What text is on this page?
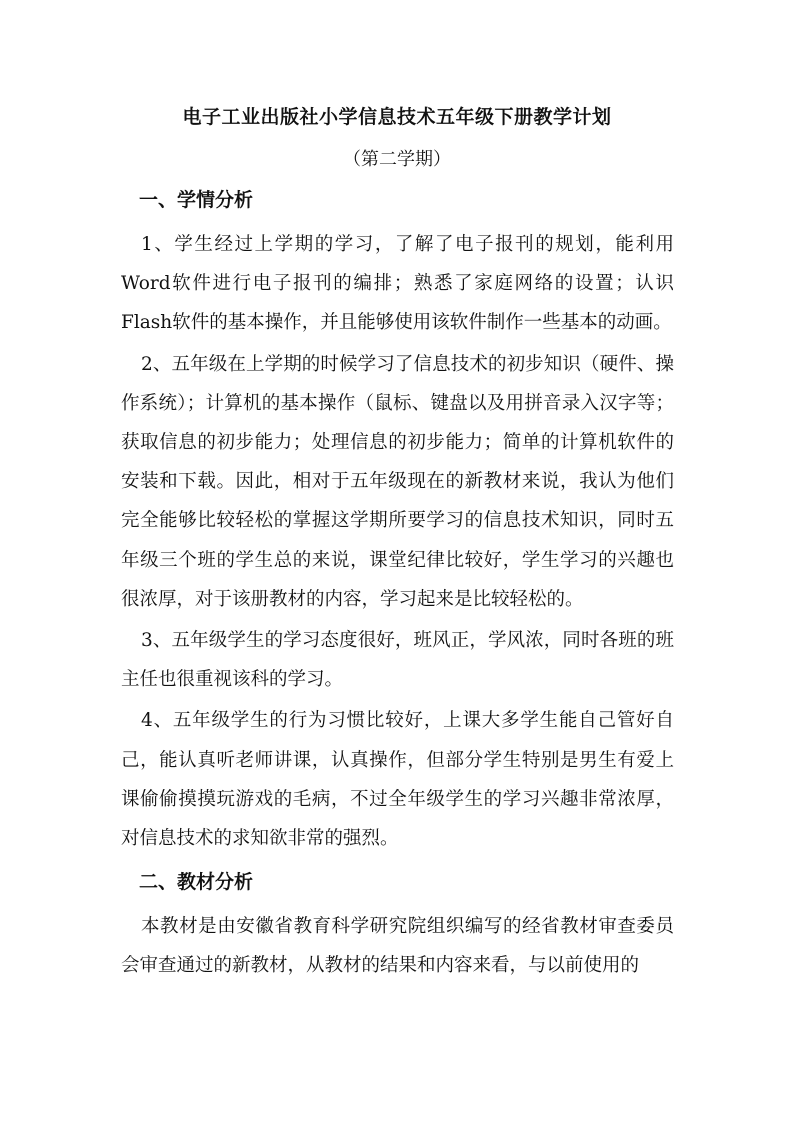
电子工业出版社小学信息技术五年级下册教学计划
（第二学期）
一、学情分析

1、学生经过上学期的学习，了解了电子报刊的规划，能利用Word软件进行电子报刊的编排；熟悉了家庭网络的设置；认识Flash软件的基本操作，并且能够使用该软件制作一些基本的动画。

2、五年级在上学期的时候学习了信息技术的初步知识（硬件、操作系统）；计算机的基本操作（鼠标、键盘以及用拼音录入汉字等；获取信息的初步能力；处理信息的初步能力；简单的计算机软件的安装和下载。因此，相对于五年级现在的新教材来说，我认为他们完全能够比较轻松的掌握这学期所要学习的信息技术知识，同时五年级三个班的学生总的来说，课堂纪律比较好，学生学习的兴趣也很浓厚，对于该册教材的内容，学习起来是比较轻松的。

3、五年级学生的学习态度很好，班风正，学风浓，同时各班的班主任也很重视该科的学习。

4、五年级学生的行为习惯比较好，上课大多学生能自己管好自己，能认真听老师讲课，认真操作，但部分学生特别是男生有爱上课偷偷摸摸玩游戏的毛病，不过全年级学生的学习兴趣非常浓厚，对信息技术的求知欲非常的强烈。

二、教材分析

本教材是由安徽省教育科学研究院组织编写的经省教材审查委员会审查通过的新教材，从教材的结果和内容来看，与以前使用的
